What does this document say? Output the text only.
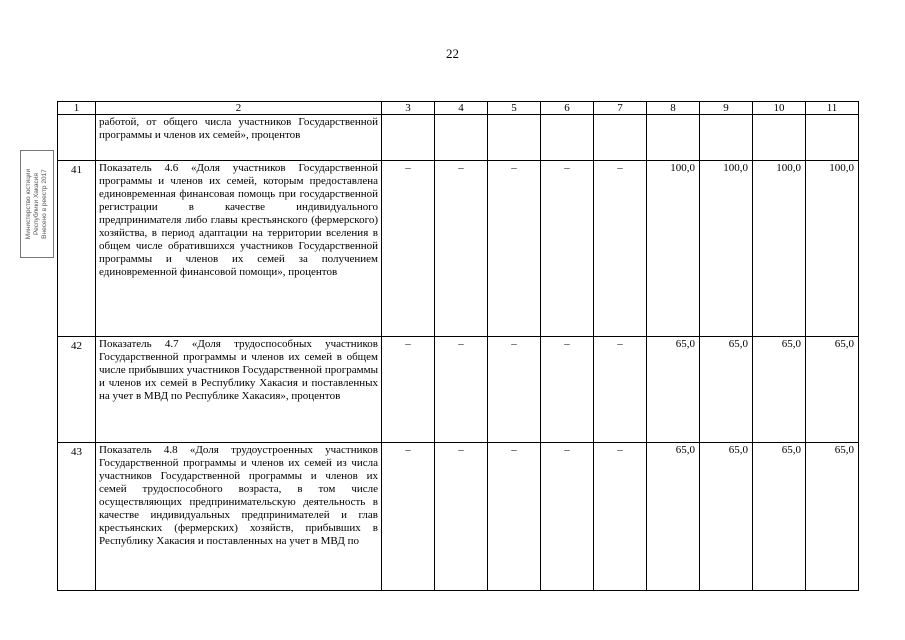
22
Министерство юстиции Республики Хакасия Внесено в реестр 2017
1	2	3	4	5	6	7	8	9	10	11
	работой, от общего числа участников Государственной программы и членов их семей», процентов									
41	Показатель 4.6 «Доля участников Государственной программы и членов их семей, которым предоставлена единовременная финансовая помощь при государственной регистрации в качестве индивидуального предпринимателя либо главы крестьянского (фермерского) хозяйства, в период адаптации на территории вселения в общем числе обратившихся участников Государственной программы и членов их семей за получением единовременной финансовой помощи», процентов	–	–	–	–	–	100,0	100,0	100,0	100,0
42	Показатель 4.7 «Доля трудоспособных участников Государственной программы и членов их семей в общем числе прибывших участников Государственной программы и членов их семей в Республику Хакасия и поставленных на учет в МВД по Республике Хакасия», процентов	–	–	–	–	–	65,0	65,0	65,0	65,0
43	Показатель 4.8 «Доля трудоустроенных участников Государственной программы и членов их семей из числа участников Государственной программы и членов их семей трудоспособного возраста, в том числе осуществляющих предпринимательскую деятельность в качестве индивидуальных предпринимателей и глав крестьянских (фермерских) хозяйств, прибывших в Республику Хакасия и поставленных на учет в МВД по	–	–	–	–	–	65,0	65,0	65,0	65,0
